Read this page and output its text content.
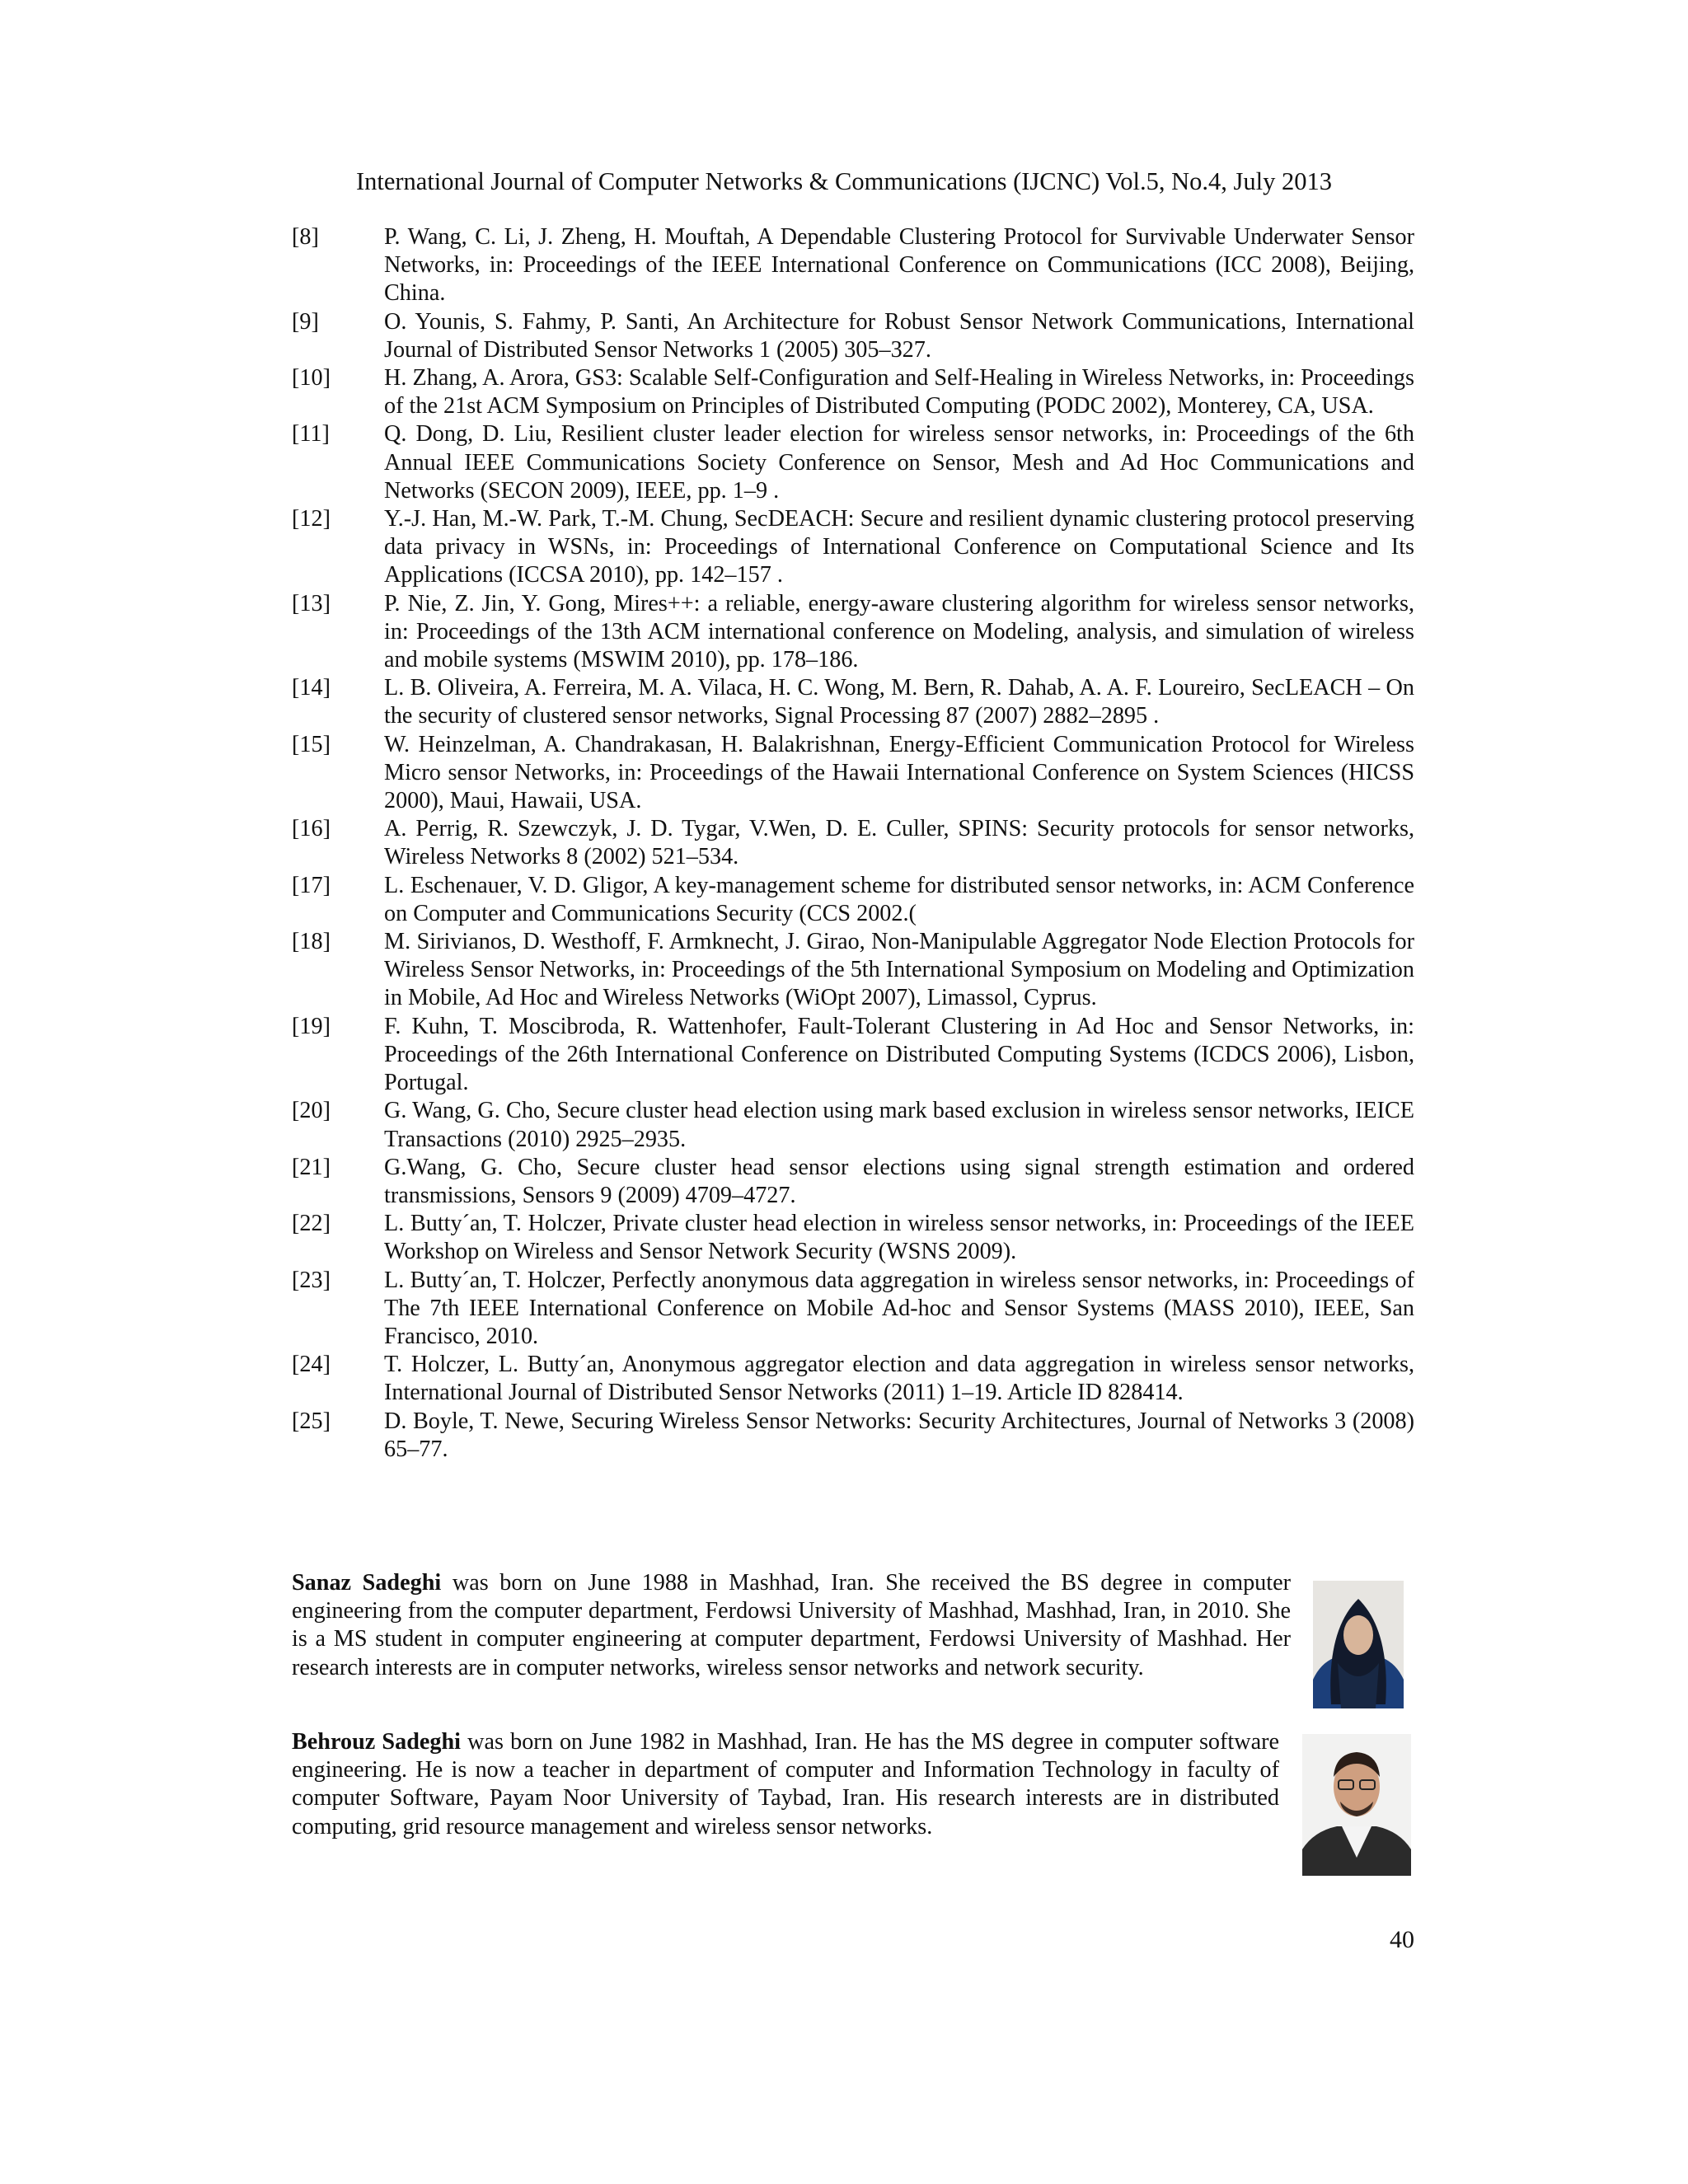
International Journal of Computer Networks & Communications (IJCNC) Vol.5, No.4, July 2013
[8]	P. Wang, C. Li, J. Zheng, H. Mouftah, A Dependable Clustering Protocol for Survivable Underwater Sensor Networks, in: Proceedings of the IEEE International Conference on Communications (ICC 2008), Beijing, China.
[9]	O. Younis, S. Fahmy, P. Santi, An Architecture for Robust Sensor Network Communications, International Journal of Distributed Sensor Networks 1 (2005) 305–327.
[10]	H. Zhang, A. Arora, GS3: Scalable Self-Configuration and Self-Healing in Wireless Networks, in: Proceedings of the 21st ACM Symposium on Principles of Distributed Computing (PODC 2002), Monterey, CA, USA.
[11]	Q. Dong, D. Liu, Resilient cluster leader election for wireless sensor networks, in: Proceedings of the 6th Annual IEEE Communications Society Conference on Sensor, Mesh and Ad Hoc Communications and Networks (SECON 2009), IEEE, pp. 1–9 .
[12]	Y.-J. Han, M.-W. Park, T.-M. Chung, SecDEACH: Secure and resilient dynamic clustering protocol preserving data privacy in WSNs, in: Proceedings of International Conference on Computational Science and Its Applications (ICCSA 2010), pp. 142–157 .
[13]	P. Nie, Z. Jin, Y. Gong, Mires++: a reliable, energy-aware clustering algorithm for wireless sensor networks, in: Proceedings of the 13th ACM international conference on Modeling, analysis, and simulation of wireless and mobile systems (MSWIM 2010), pp. 178–186.
[14]	L. B. Oliveira, A. Ferreira, M. A. Vilaca, H. C. Wong, M. Bern, R. Dahab, A. A. F. Loureiro, SecLEACH – On the security of clustered sensor networks, Signal Processing 87 (2007) 2882–2895 .
[15]	W. Heinzelman, A. Chandrakasan, H. Balakrishnan, Energy-Efficient Communication Protocol for Wireless Micro sensor Networks, in: Proceedings of the Hawaii International Conference on System Sciences (HICSS 2000), Maui, Hawaii, USA.
[16]	A. Perrig, R. Szewczyk, J. D. Tygar, V.Wen, D. E. Culler, SPINS: Security protocols for sensor networks, Wireless Networks 8 (2002) 521–534.
[17]	L. Eschenauer, V. D. Gligor, A key-management scheme for distributed sensor networks, in: ACM Conference on Computer and Communications Security (CCS 2002.(
[18]	M. Sirivianos, D. Westhoff, F. Armknecht, J. Girao, Non-Manipulable Aggregator Node Election Protocols for Wireless Sensor Networks, in: Proceedings of the 5th International Symposium on Modeling and Optimization in Mobile, Ad Hoc and Wireless Networks (WiOpt 2007), Limassol, Cyprus.
[19]	F. Kuhn, T. Moscibroda, R. Wattenhofer, Fault-Tolerant Clustering in Ad Hoc and Sensor Networks, in: Proceedings of the 26th International Conference on Distributed Computing Systems (ICDCS 2006), Lisbon, Portugal.
[20]	G. Wang, G. Cho, Secure cluster head election using mark based exclusion in wireless sensor networks, IEICE Transactions (2010) 2925–2935.
[21]	G.Wang, G. Cho, Secure cluster head sensor elections using signal strength estimation and ordered transmissions, Sensors 9 (2009) 4709–4727.
[22]	L. Butty´an, T. Holczer, Private cluster head election in wireless sensor networks, in: Proceedings of the IEEE Workshop on Wireless and Sensor Network Security (WSNS 2009).
[23]	L. Butty´an, T. Holczer, Perfectly anonymous data aggregation in wireless sensor networks, in: Proceedings of The 7th IEEE International Conference on Mobile Ad-hoc and Sensor Systems (MASS 2010), IEEE, San Francisco, 2010.
[24]	T. Holczer, L. Butty´an, Anonymous aggregator election and data aggregation in wireless sensor networks, International Journal of Distributed Sensor Networks (2011) 1–19. Article ID 828414.
[25]	D. Boyle, T. Newe, Securing Wireless Sensor Networks: Security Architectures, Journal of Networks 3 (2008) 65–77.
Sanaz Sadeghi was born on June 1988 in Mashhad, Iran. She received the BS degree in computer engineering from the computer department, Ferdowsi University of Mashhad, Mashhad, Iran, in 2010. She is a MS student in computer engineering at computer department, Ferdowsi University of Mashhad. Her research interests are in computer networks, wireless sensor networks and network security.
Behrouz Sadeghi was born on June 1982 in Mashhad, Iran. He has the MS degree in computer software engineering. He is now a teacher in department of computer and Information Technology in faculty of computer Software, Payam Noor University of Taybad, Iran. His research interests are in distributed computing, grid resource management and wireless sensor networks.
40
